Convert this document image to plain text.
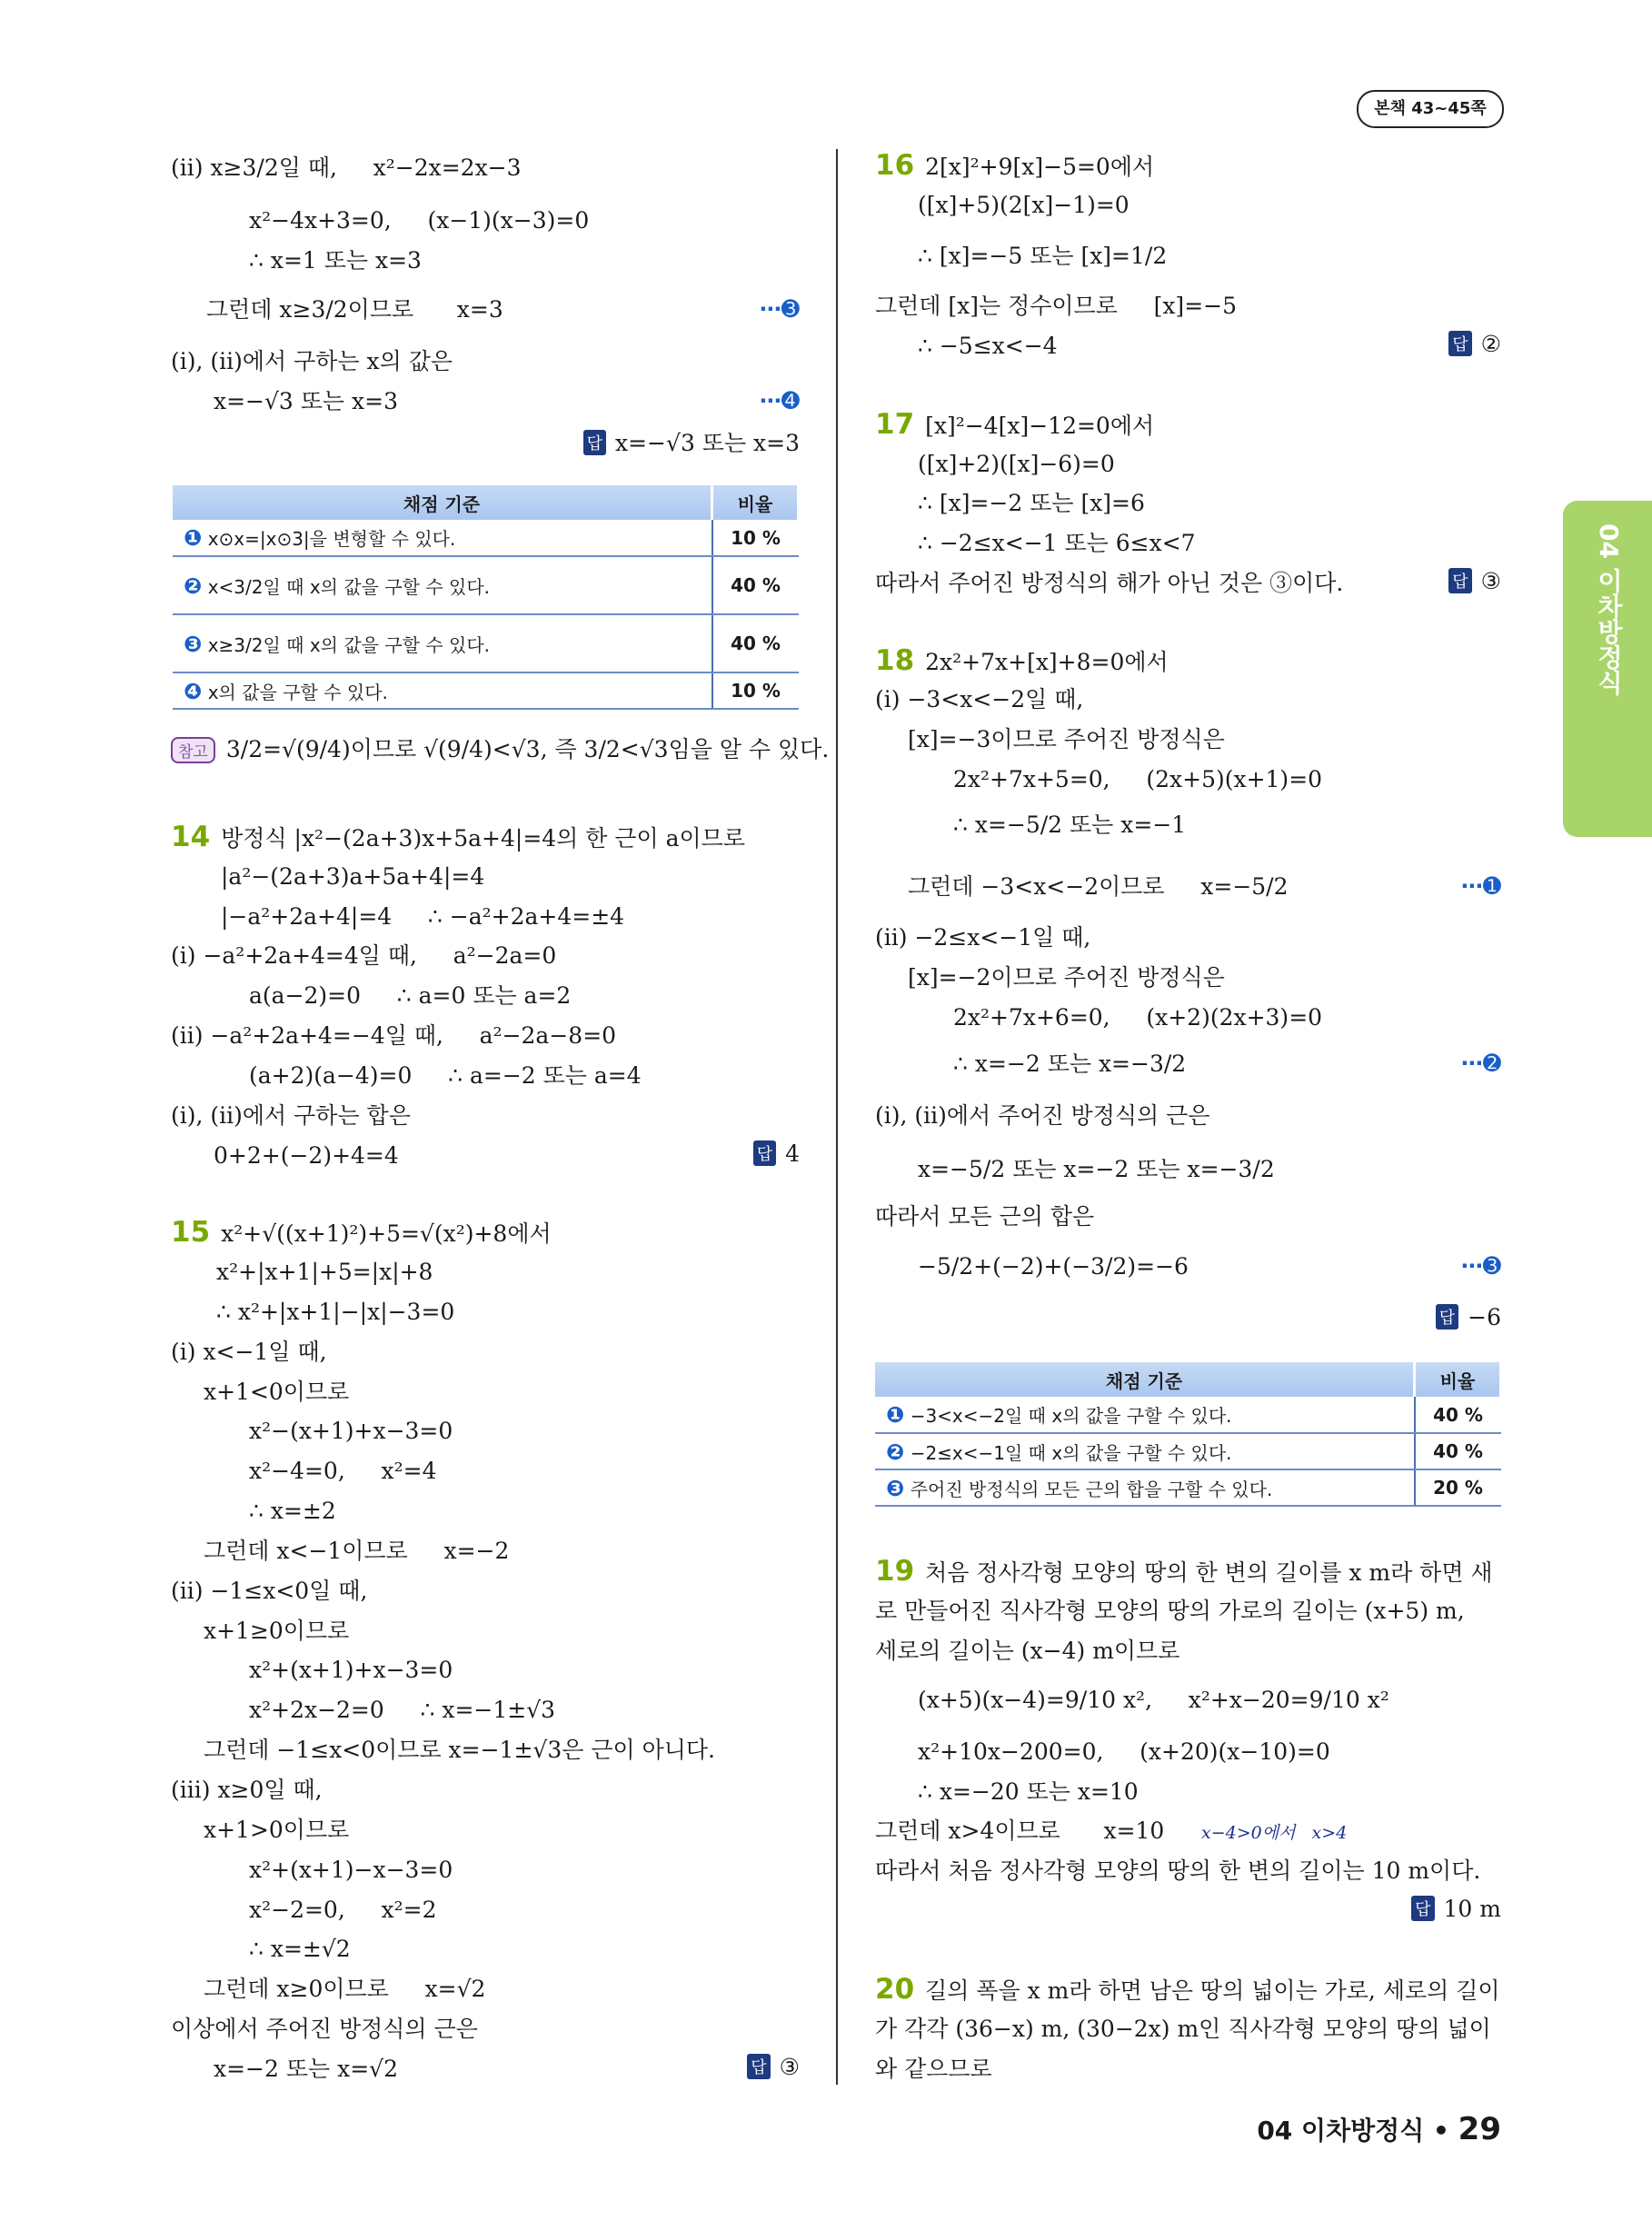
본책 43~45쪽
04 이차방정식
채점 기준	비율
❶ x⊙x=|x⊙3|을 변형할 수 있다.	10 %
❷ x<3/2일 때 x의 값을 구할 수 있다.	40 %
❸ x≥3/2일 때 x의 값을 구할 수 있다.	40 %
❹ x의 값을 구할 수 있다.	10 %
참고 3/2=√(9/4)이므로 √(9/4)<√3, 즉 3/2<√3임을 알 수 있다.
채점 기준	비율
❶ −3<x<−2일 때 x의 값을 구할 수 있다.	40 %
❷ −2≤x<−1일 때 x의 값을 구할 수 있다.	40 %
❸ 주어진 방정식의 모든 근의 합을 구할 수 있다.	20 %
x−4>0에서   x>4
04 이차방정식 • 29
(ii) x≥3/2일 때,     x²−2x=2x−3
x²−4x+3=0,     (x−1)(x−3)=0
∴ x=1 또는 x=3
그런데 x≥3/2이므로      x=3	⋯➌
(i), (ii)에서 구하는 x의 값은
x=−√3 또는 x=3	⋯➍
14 방정식 |x²−(2a+3)x+5a+4|=4의 한 근이 a이므로
|a²−(2a+3)a+5a+4|=4
|−a²+2a+4|=4     ∴ −a²+2a+4=±4
(i) −a²+2a+4=4일 때,     a²−2a=0
a(a−2)=0     ∴ a=0 또는 a=2
(ii) −a²+2a+4=−4일 때,     a²−2a−8=0
(a+2)(a−4)=0     ∴ a=−2 또는 a=4
(i), (ii)에서 구하는 합은
0+2+(−2)+4=4
15 x²+√((x+1)²)+5=√(x²)+8에서
x²+|x+1|+5=|x|+8
∴ x²+|x+1|−|x|−3=0
(i) x<−1일 때,
x+1<0이므로
x²−(x+1)+x−3=0
x²−4=0,     x²=4
∴ x=±2
그런데 x<−1이므로     x=−2
(ii) −1≤x<0일 때,
x+1≥0이므로
x²+(x+1)+x−3=0
x²+2x−2=0     ∴ x=−1±√3
그런데 −1≤x<0이므로 x=−1±√3은 근이 아니다.
(iii) x≥0일 때,
x+1>0이므로
x²+(x+1)−x−3=0
x²−2=0,     x²=2
∴ x=±√2
그런데 x≥0이므로     x=√2
이상에서 주어진 방정식의 근은
x=−2 또는 x=√2
답 x=−√3 또는 x=3
답 4
답 ③
16 2[x]²+9[x]−5=0에서
([x]+5)(2[x]−1)=0
∴ [x]=−5 또는 [x]=1/2
그런데 [x]는 정수이므로     [x]=−5
∴ −5≤x<−4
17 [x]²−4[x]−12=0에서
([x]+2)([x]−6)=0
∴ [x]=−2 또는 [x]=6
∴ −2≤x<−1 또는 6≤x<7
따라서 주어진 방정식의 해가 아닌 것은 ③이다.
18 2x²+7x+[x]+8=0에서
(i) −3<x<−2일 때,
[x]=−3이므로 주어진 방정식은
2x²+7x+5=0,     (2x+5)(x+1)=0
∴ x=−5/2 또는 x=−1
그런데 −3<x<−2이므로     x=−5/2	⋯➊
(ii) −2≤x<−1일 때,
[x]=−2이므로 주어진 방정식은
2x²+7x+6=0,     (x+2)(2x+3)=0
∴ x=−2 또는 x=−3/2	⋯➋
(i), (ii)에서 주어진 방정식의 근은
x=−5/2 또는 x=−2 또는 x=−3/2
따라서 모든 근의 합은
−5/2+(−2)+(−3/2)=−6	⋯➌
19 처음 정사각형 모양의 땅의 한 변의 길이를 x m라 하면 새
로 만들어진 직사각형 모양의 땅의 가로의 길이는 (x+5) m,
세로의 길이는 (x−4) m이므로
(x+5)(x−4)=9/10 x²,     x²+x−20=9/10 x²
x²+10x−200=0,     (x+20)(x−10)=0
∴ x=−20 또는 x=10
그런데 x>4이므로      x=10
따라서 처음 정사각형 모양의 땅의 한 변의 길이는 10 m이다.
20 길의 폭을 x m라 하면 남은 땅의 넓이는 가로, 세로의 길이
가 각각 (36−x) m, (30−2x) m인 직사각형 모양의 땅의 넓이
와 같으므로
답 ②
답 ③
답 −6
답 10 m
